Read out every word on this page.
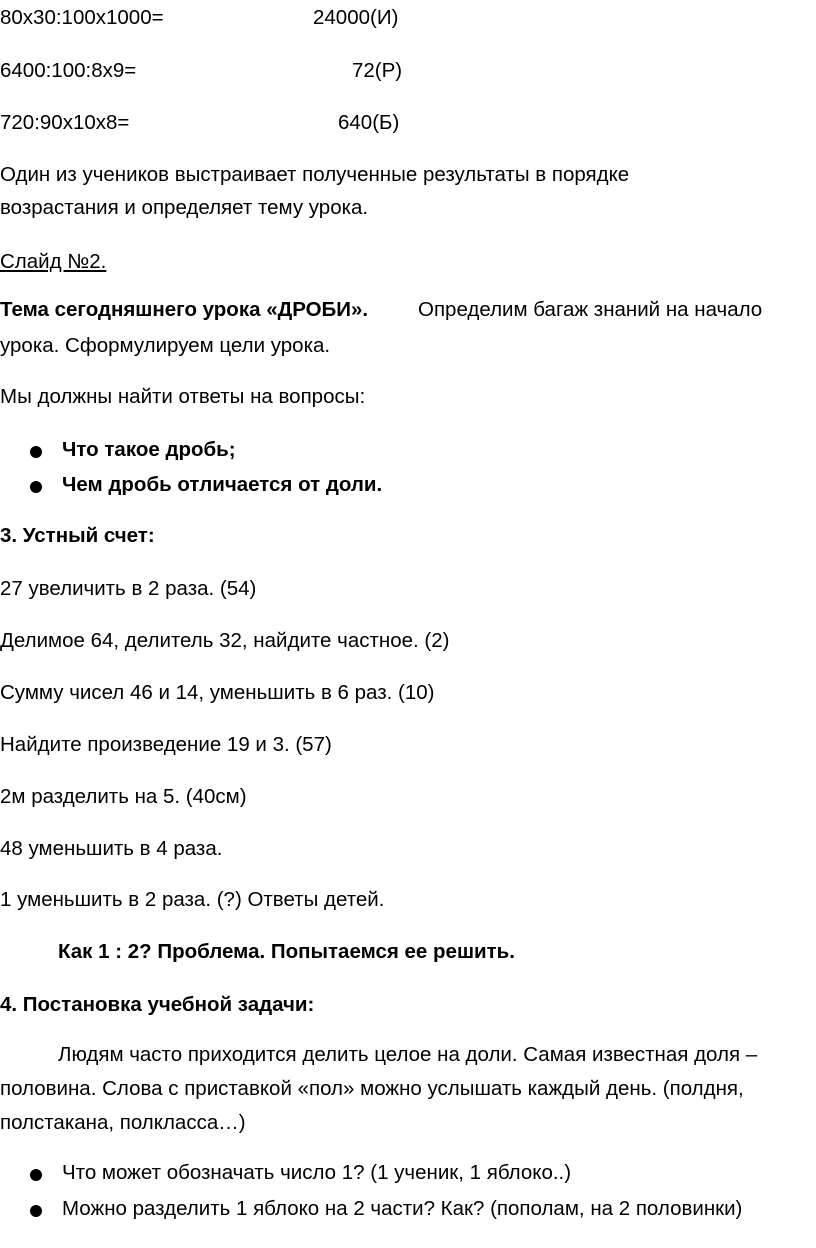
80x30:100x1000=	24000(И)
6400:100:8x9=	72(Р)
720:90x10x8=	640(Б)
Один из учеников выстраивает полученные результаты в порядке
возрастания и определяет тему урока.
Слайд №2.
Тема сегодняшнего урока «ДРОБИ». Определим багаж знаний на начало
урока. Сформулируем цели урока.
Мы должны найти ответы на вопросы:
Что такое дробь;
Чем дробь отличается от доли.
3. Устный счет:
27 увеличить в 2 раза. (54)
Делимое 64, делитель 32, найдите частное. (2)
Сумму чисел 46 и 14, уменьшить в 6 раз. (10)
Найдите произведение 19 и 3. (57)
2м разделить на 5. (40см)
48 уменьшить в 4 раза.
1 уменьшить в 2 раза. (?) Ответы детей.
Как 1 : 2? Проблема. Попытаемся ее решить.
4. Постановка учебной задачи:
Людям часто приходится делить целое на доли. Самая известная доля –
половина. Слова с приставкой «пол» можно услышать каждый день. (полдня,
полстакана, полкласса…)
Что может обозначать число 1? (1 ученик, 1 яблоко..)
Можно разделить 1 яблоко на 2 части? Как? (пополам, на 2 половинки)
